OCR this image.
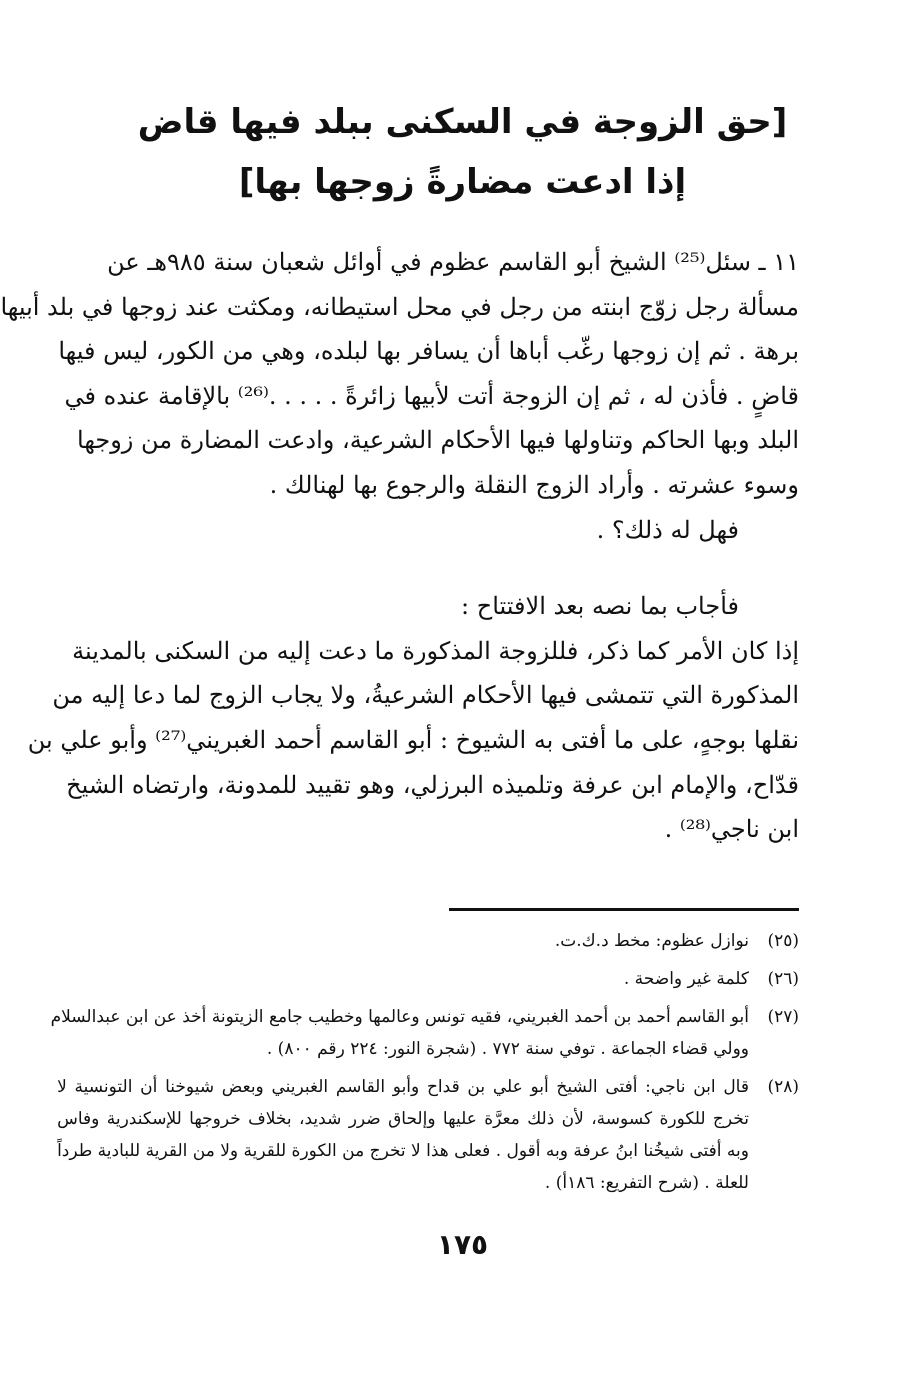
[حق الزوجة في السكنى ببلد فيها قاض
إذا ادعت مضارةً زوجها بها]
١١ ـ سئل⁽²⁵⁾ الشيخ أبو القاسم عظوم في أوائل شعبان سنة ٩٨٥هـ عن
مسألة رجل زوّج ابنته من رجل في محل استيطانه، ومكثت عند زوجها في بلد أبيها
برهة . ثم إن زوجها رغّب أباها أن يسافر بها لبلده، وهي من الكور، ليس فيها
قاضٍ . فأذن له ، ثم إن الزوجة أتت لأبيها زائرةً . . . . .⁽²⁶⁾ بالإقامة عنده في
البلد وبها الحاكم وتناولها فيها الأحكام الشرعية، وادعت المضارة من زوجها
وسوء عشرته . وأراد الزوج النقلة والرجوع بها لهنالك .
فهل له ذلك؟ .
فأجاب بما نصه بعد الافتتاح :
إذا كان الأمر كما ذكر، فللزوجة المذكورة ما دعت إليه من السكنى بالمدينة
المذكورة التي تتمشى فيها الأحكام الشرعيةُ، ولا يجاب الزوج لما دعا إليه من
نقلها بوجهٍ، على ما أفتى به الشيوخ : أبو القاسم أحمد الغبريني⁽²⁷⁾ وأبو علي بن
قدّاح، والإمام ابن عرفة وتلميذه البرزلي، وهو تقييد للمدونة، وارتضاه الشيخ
ابن ناجي⁽²⁸⁾ .
(٢٥)
نوازل عظوم: مخط د.ك.ت.
(٢٦)
كلمة غير واضحة .
(٢٧)
أبو القاسم أحمد بن أحمد الغبريني، فقيه تونس وعالمها وخطيب جامع الزيتونة أخذ عن ابن عبدالسلام
وولي قضاء الجماعة . توفي سنة ٧٧٢ . (شجرة النور: ٢٢٤ رقم ٨٠٠) .
(٢٨)
قال ابن ناجي: أفتى الشيخ أبو علي بن قداح وأبو القاسم الغبريني وبعض شيوخنا أن التونسية لا
تخرج للكورة كسوسة، لأن ذلك معرَّة عليها وإلحاق ضرر شديد، بخلاف خروجها للإسكندرية وفاس
وبه أفتى شيخُنا ابنُ عرفة وبه أقول . فعلى هذا لا تخرج من الكورة للقرية ولا من القرية للبادية طرداً
للعلة . (شرح التفريع: ١٨٦أ) .
١٧٥
